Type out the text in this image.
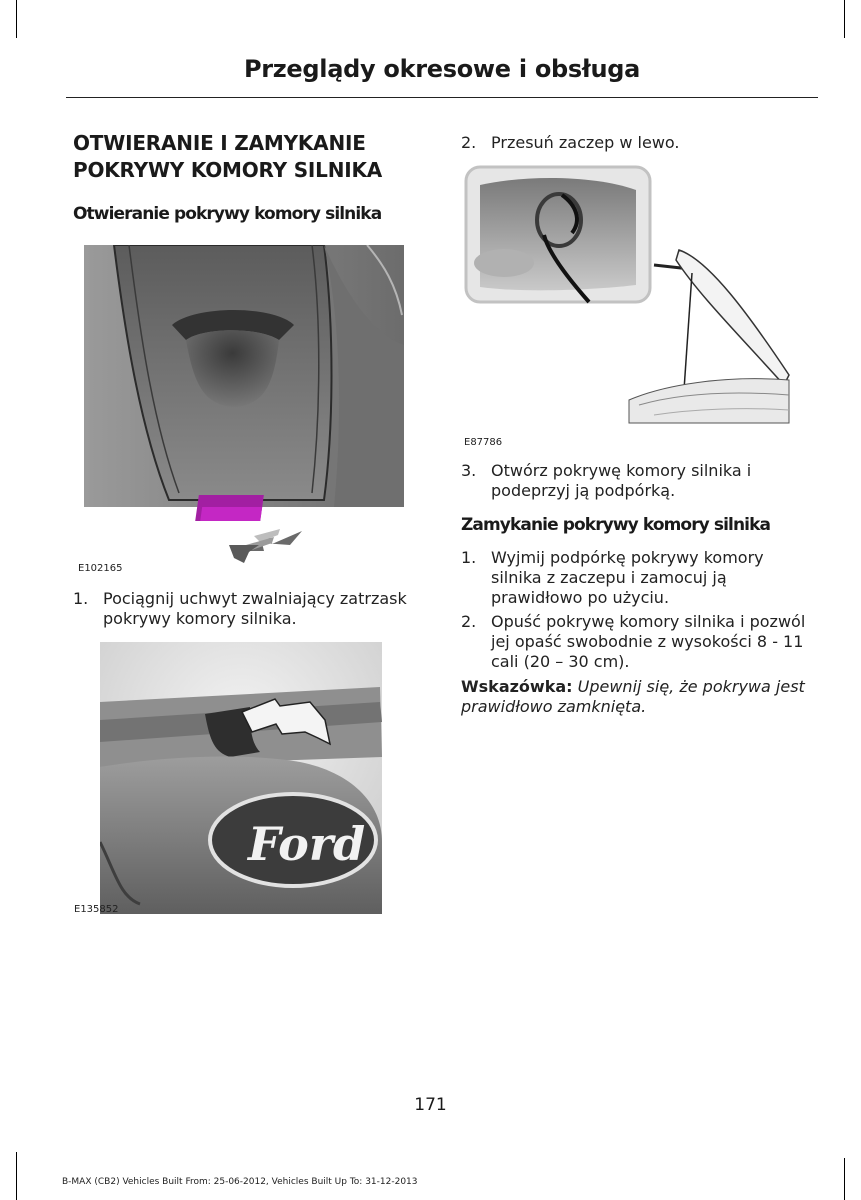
Przeglądy okresowe i obsługa

OTWIERANIE I ZAMYKANIE
POKRYWY KOMORY SILNIKA

Otwieranie pokrywy komory silnika

E102165
1. Pociągnij uchwyt zwalniający zatrzask
pokrywy komory silnika.
Ford
E135852
2. Przesuń zaczep w lewo.
E87786
3. Otwórz pokrywę komory silnika i
podeprzyj ją podpórką.

Zamykanie pokrywy komory silnika

1. Wyjmij podpórkę pokrywy komory
silnika z zaczepu i zamocuj ją
prawidłowo po użyciu.
2. Opuść pokrywę komory silnika i pozwól
jej opaść swobodnie z wysokości 8 - 11
cali (20 – 30 cm).
Wskazówka: Upewnij się, że pokrywa jest
prawidłowo zamknięta.
171
B-MAX (CB2) Vehicles Built From: 25-06-2012, Vehicles Built Up To: 31-12-2013
